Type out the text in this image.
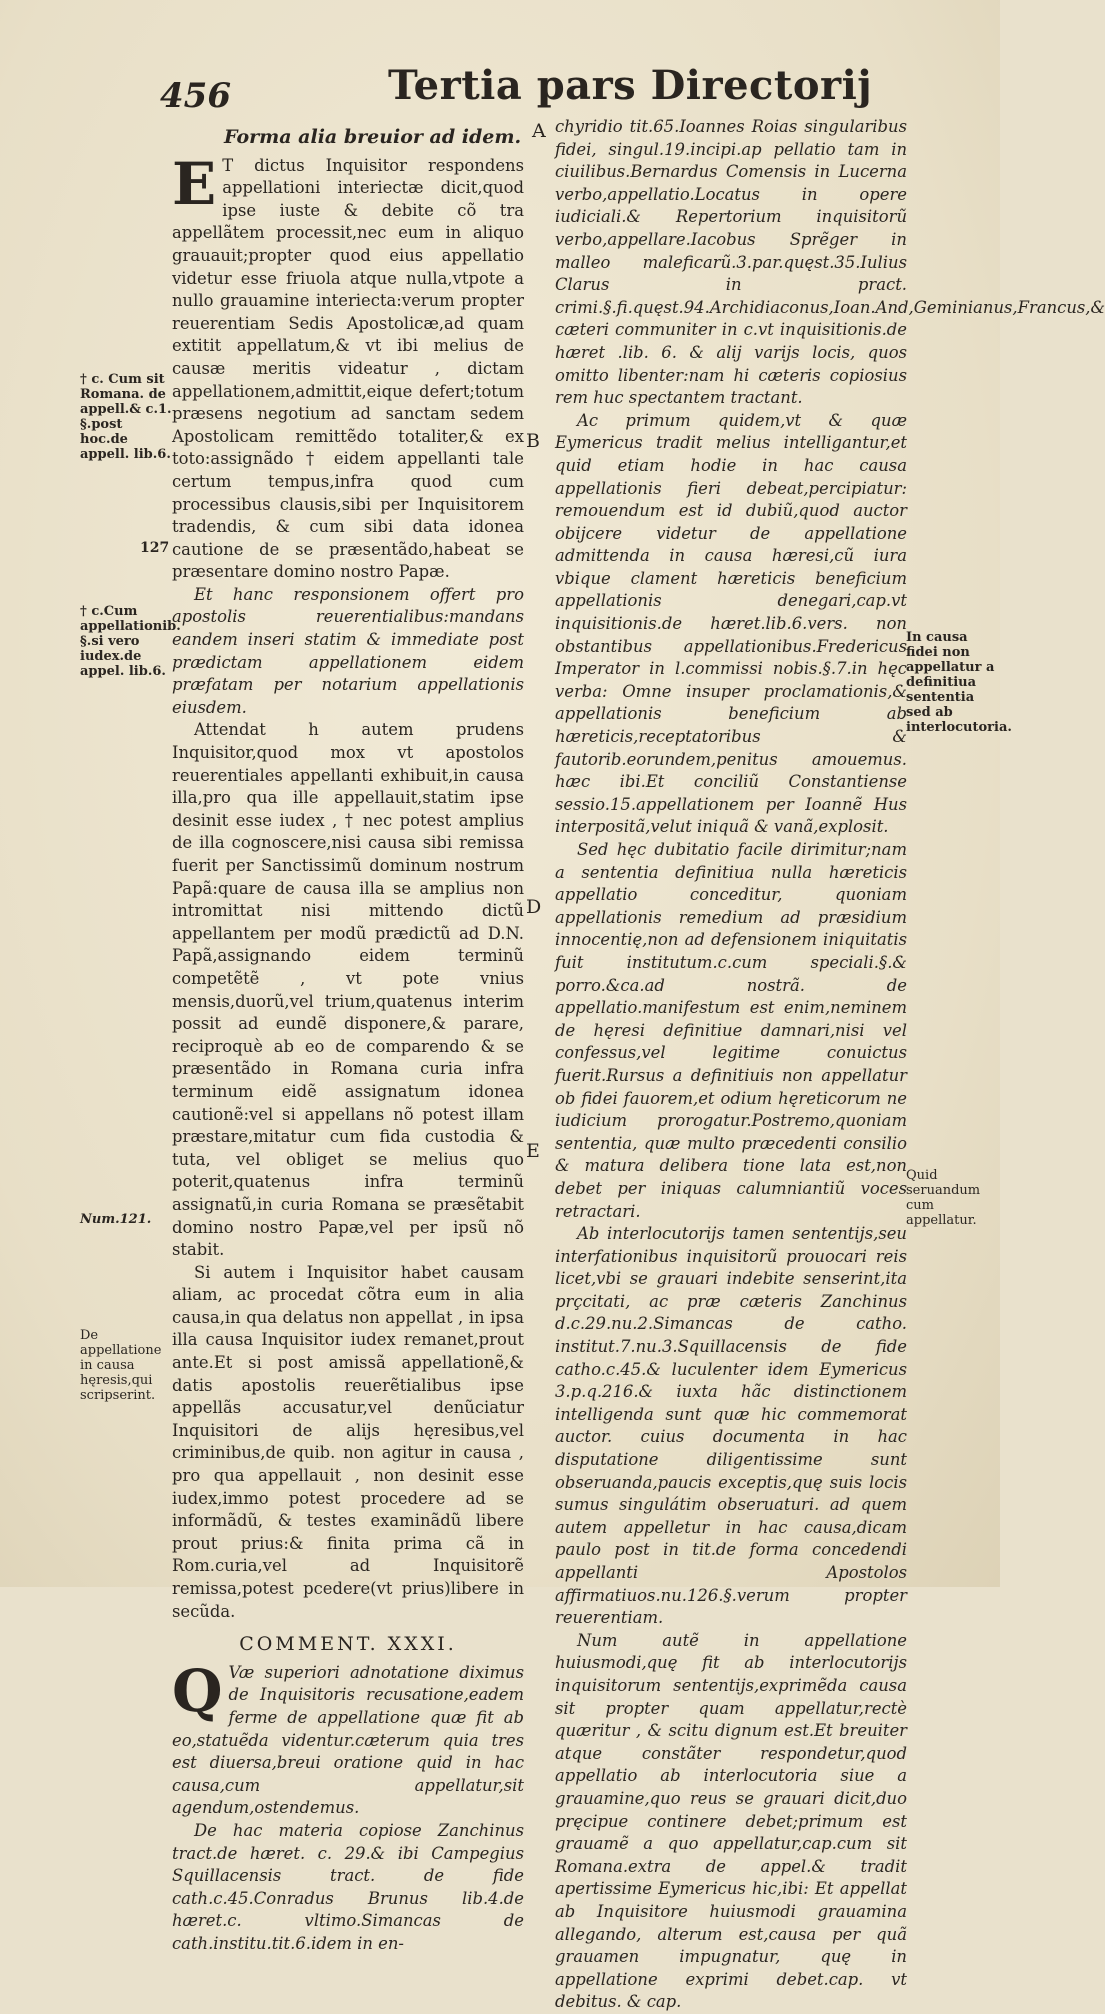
456	Tertia pars Directorij
A
B
D
E

Forma alia breuior ad idem.

E T dictus Inquisitor respondens appellationi interiectæ dicit,quod ipse iuste & debite cõ tra appellãtem processit,nec eum in aliquo grauauit;propter quod eius appellatio videtur esse friuola atque nulla,vtpote a nullo grauamine interiecta:verum propter reuerentiam Sedis Apostolicæ,ad quam extitit appellatum,& vt ibi melius de causæ meritis videatur , dictam appellationem,admittit,eique defert;totum præsens negotium ad sanctam sedem Apostolicam remittẽdo totaliter,& ex toto:assignãdo † eidem appellanti tale certum tempus,infra quod cum processibus clausis,sibi per Inquisitorem tradendis, & cum sibi data idonea cautione de se præsentãdo,habeat se præsentare domino nostro Papæ.

Et hanc responsionem offert pro apostolis reuerentialibus:mandans eandem inseri statim & immediate post prædictam appellationem eidem præfatam per notarium appellationis eiusdem.

Attendat h autem prudens Inquisitor,quod mox vt apostolos reuerentiales appellanti exhibuit,in causa illa,pro qua ille appellauit,statim ipse desinit esse iudex , † nec potest amplius de illa cognoscere,nisi causa sibi remissa fuerit per Sanctissimũ dominum nostrum Papã:quare de causa illa se amplius non intromittat nisi mittendo dictũ appellantem per modũ prædictũ ad D.N. Papã,assignando eidem terminũ competẽtẽ , vt pote vnius mensis,duorũ,vel trium,quatenus interim possit ad eundẽ disponere,& parare, reciproquè ab eo de comparendo & se præsentãdo in Romana curia infra terminum eidẽ assignatum idonea cautionẽ:vel si appellans nõ potest illam præstare,mitatur cum fida custodia & tuta, vel obliget se melius quo poterit,quatenus infra terminũ assignatũ,in curia Romana se præsẽtabit domino nostro Papæ,vel per ipsũ nõ stabit.

Si autem i Inquisitor habet causam aliam, ac procedat cõtra eum in alia causa,in qua delatus non appellat , in ipsa illa causa Inquisitor iudex remanet,prout ante.Et si post amissã appellationẽ,& datis apostolis reuerẽtialibus ipse appellãs accusatur,vel denũciatur Inquisitori de alijs hęresibus,vel criminibus,de quib. non agitur in causa , pro qua appellauit , non desinit esse iudex,immo potest procedere ad se informãdũ, & testes examinãdũ libere prout prius:& finita prima cã in Rom.curia,vel ad Inquisitorẽ remissa,potest pcedere(vt prius)libere in secũda.

COMMENT. XXXI.

Q Væ superiori adnotatione diximus de Inquisitoris recusatione,eadem ferme de appellatione quæ fit ab eo,statuẽda videntur.cæterum quia tres est diuersa,breui oratione quid in hac causa,cum appellatur,sit agendum,ostendemus.

De hac materia copiose Zanchinus tract.de hæret. c. 29.& ibi Campegius Squillacensis tract. de fide cath.c.45.Conradus Brunus lib.4.de hæret.c. vltimo.Simancas de cath.institu.tit.6.idem in en-

chyridio tit.65.Ioannes Roias singularibus fidei, singul.19.incipi.ap pellatio tam in ciuilibus.Bernardus Comensis in Lucerna verbo,appellatio.Locatus in opere iudiciali.& Repertorium inquisitorũ verbo,appellare.Iacobus Sprẽger in malleo maleficarũ.3.par.quęst.35.Iulius Clarus in pract. crimi.§.fi.quęst.94.Archidiaconus,Ioan.And,Geminianus,Francus,& cæteri communiter in c.vt inquisitionis.de hæret .lib. 6. & alij varijs locis, quos omitto libenter:nam hi cæteris copiosius rem huc spectantem tractant.

Ac primum quidem,vt & quæ Eymericus tradit melius intelligantur,et quid etiam hodie in hac causa appellationis fieri debeat,percipiatur: remouendum est id dubiũ,quod auctor obijcere videtur de appellatione admittenda in causa hæresi,cũ iura vbique clament hæreticis beneficium appellationis denegari,cap.vt inquisitionis.de hæret.lib.6.vers. non obstantibus appellationibus.Fredericus Imperator in l.commissi nobis.§.7.in hęc verba: Omne insuper proclamationis,& appellationis beneficium ab hæreticis,receptatoribus & fautorib.eorundem,penitus amouemus. hæc ibi.Et conciliũ Constantiense sessio.15.appellationem per Ioannẽ Hus interpositã,velut iniquã & vanã,explosit.

Sed hęc dubitatio facile dirimitur;nam a sententia definitiua nulla hæreticis appellatio conceditur, quoniam appellationis remedium ad præsidium innocentię,non ad defensionem iniquitatis fuit institutum.c.cum speciali.§.& porro.&ca.ad nostrã. de appellatio.manifestum est enim,neminem de hęresi definitiue damnari,nisi vel confessus,vel legitime conuictus fuerit.Rursus a definitiuis non appellatur ob fidei fauorem,et odium hęreticorum ne iudicium prorogatur.Postremo,quoniam sententia, quæ multo præcedenti consilio & matura delibera tione lata est,non debet per iniquas calumniantiũ voces retractari.

Ab interlocutorijs tamen sententijs,seu interfationibus inquisitorũ prouocari reis licet,vbi se grauari indebite senserint,ita prçcitati, ac præ cæteris Zanchinus d.c.29.nu.2.Simancas de catho. institut.7.nu.3.Squillacensis de fide catho.c.45.& luculenter idem Eymericus 3.p.q.216.& iuxta hãc distinctionem intelligenda sunt quæ hic commemorat auctor. cuius documenta in hac disputatione diligentissime sunt obseruanda,paucis exceptis,quę suis locis sumus singulátim obseruaturi. ad quem autem appelletur in hac causa,dicam paulo post in tit.de forma concedendi appellanti Apostolos affirmatiuos.nu.126.§.verum propter reuerentiam.

Num autẽ in appellatione huiusmodi,quę fit ab interlocutorijs inquisitorum sententijs,exprimẽda causa sit propter quam appellatur,rectè quæritur , & scitu dignum est.Et breuiter atque constãter respondetur,quod appellatio ab interlocutoria siue a grauamine,quo reus se grauari dicit,duo pręcipue continere debet;primum est grauamẽ a quo appellatur,cap.cum sit Romana.extra de appel.& tradit apertissime Eymericus hic,ibi: Et appellat ab Inquisitore huiusmodi grauamina allegando, alterum est,causa per quã grauamen impugnatur, quę in appellatione exprimi debet.cap. vt debitus. & cap.

† c. Cum sit Romana. de appell.& c.1. §.post hoc.de appell. lib.6.
127
† c.Cum appellationib. §.si vero iudex.de appel. lib.6.
Num.121.
De appellatione in causa hęresis,qui scripserint.
In causa fidei non appellatur a definitiua sententia sed ab interlocutoria.
Quid seruandum cum appellatur.
